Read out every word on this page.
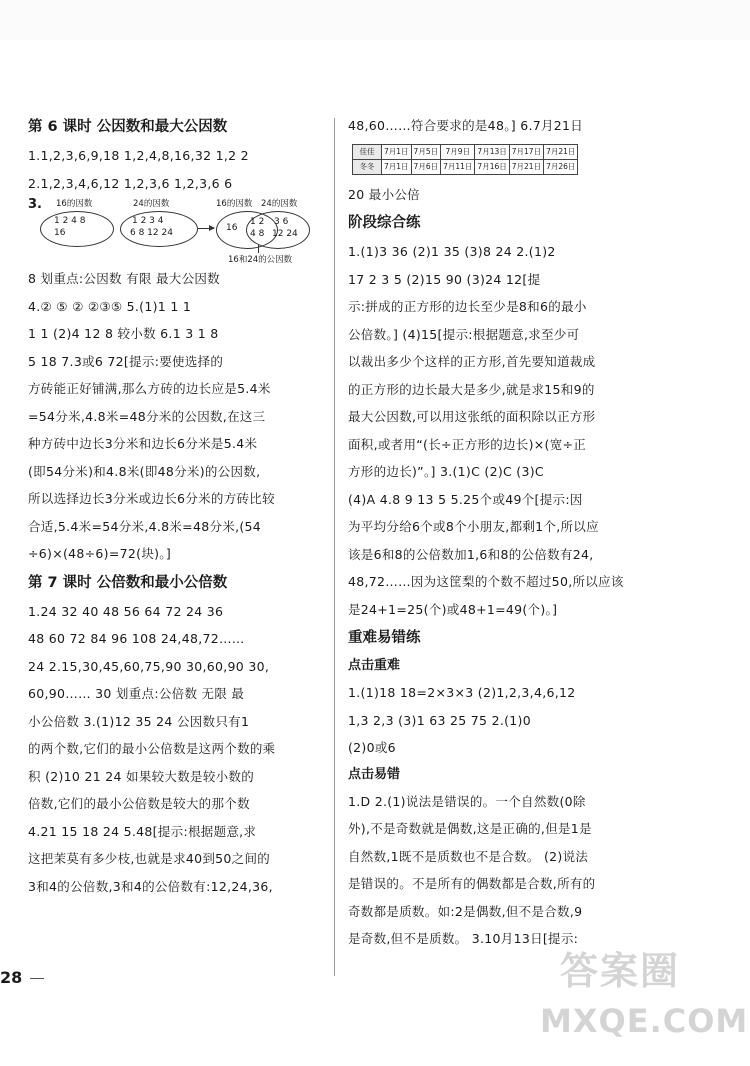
第 6 课时 公因数和最大公因数
1.1,2,3,6,9,18 1,2,4,8,16,32 1,2 2
2.1,2,3,4,6,12 1,2,3,6 1,2,3,6 6
3. 16的因数	24的因数	16的因数 24的因数
1 2 4 8
16
1 2 3 4
6 8 12 24	16
1 2
4 8
3 6
12 24
16和24的公因数
8 划重点:公因数 有限 最大公因数
4.② ⑤ ② ②③⑤ 5.(1)1 1 1
1 1 (2)4 12 8 较小数 6.1 3 1 8
5 18 7.3或6 72[提示:要使选择的
方砖能正好铺满,那么方砖的边长应是5.4米
=54分米,4.8米=48分米的公因数,在这三
种方砖中边长3分米和边长6分米是5.4米
(即54分米)和4.8米(即48分米)的公因数,
所以选择边长3分米或边长6分米的方砖比较
合适,5.4米=54分米,4.8米=48分米,(54
÷6)×(48÷6)=72(块)。]
第 7 课时 公倍数和最小公倍数
1.24 32 40 48 56 64 72 24 36
48 60 72 84 96 108 24,48,72……
24 2.15,30,45,60,75,90 30,60,90 30,
60,90…… 30 划重点:公倍数 无限 最
小公倍数 3.(1)12 35 24 公因数只有1
的两个数,它们的最小公倍数是这两个数的乘
积 (2)10 21 24 如果较大数是较小数的
倍数,它们的最小公倍数是较大的那个数
4.21 15 18 24 5.48[提示:根据题意,求
这把茉莫有多少枝,也就是求40到50之间的
3和4的公倍数,3和4的公倍数有:12,24,36,
48,60……符合要求的是48。] 6.7月21日
佳佳	7月1日	7月5日	7月9日	7月13日	7月17日	7月21日
冬冬	7月1日	7月6日	7月11日	7月16日	7月21日	7月26日
20 最小公倍
阶段综合练
1.(1)3 36 (2)1 35 (3)8 24 2.(1)2
17 2 3 5 (2)15 90 (3)24 12[提
示:拼成的正方形的边长至少是8和6的最小
公倍数。] (4)15[提示:根据题意,求至少可
以裁出多少个这样的正方形,首先要知道裁成
的正方形的边长最大是多少,就是求15和9的
最大公因数,可以用这张纸的面积除以正方形
面积,或者用“(长÷正方形的边长)×(宽÷正
方形的边长)”。] 3.(1)C (2)C (3)C
(4)A 4.8 9 13 5 5.25个或49个[提示:因
为平均分给6个或8个小朋友,都剩1个,所以应
该是6和8的公倍数加1,6和8的公倍数有24,
48,72……因为这筐梨的个数不超过50,所以应该
是24+1=25(个)或48+1=49(个)。]
重难易错练
点击重难
1.(1)18 18=2×3×3 (2)1,2,3,4,6,12
1,3 2,3 (3)1 63 25 75 2.(1)0
(2)0或6
点击易错
1.D 2.(1)说法是错误的。一个自然数(0除
外),不是奇数就是偶数,这是正确的,但是1是
自然数,1既不是质数也不是合数。 (2)说法
是错误的。不是所有的偶数都是合数,所有的
奇数都是质数。如:2是偶数,但不是合数,9
是奇数,但不是质数。 3.10月13日[提示:
28	答案圈
MXQE.COM
